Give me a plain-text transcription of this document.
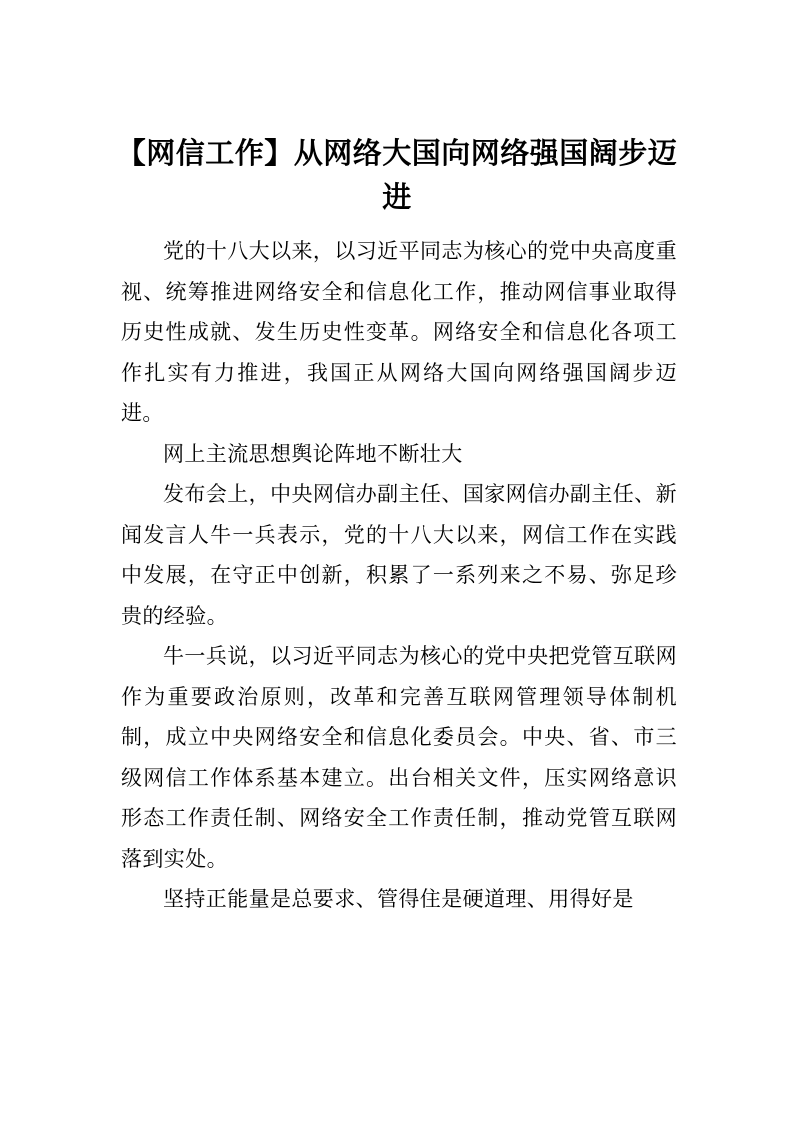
【网信工作】从网络大国向网络强国阔步迈进

党的十八大以来，以习近平同志为核心的党中央高度重视、统筹推进网络安全和信息化工作，推动网信事业取得历史性成就、发生历史性变革。网络安全和信息化各项工作扎实有力推进，我国正从网络大国向网络强国阔步迈进。

网上主流思想舆论阵地不断壮大

发布会上，中央网信办副主任、国家网信办副主任、新闻发言人牛一兵表示，党的十八大以来，网信工作在实践中发展，在守正中创新，积累了一系列来之不易、弥足珍贵的经验。

牛一兵说，以习近平同志为核心的党中央把党管互联网作为重要政治原则，改革和完善互联网管理领导体制机制，成立中央网络安全和信息化委员会。中央、省、市三级网信工作体系基本建立。出台相关文件，压实网络意识形态工作责任制、网络安全工作责任制，推动党管互联网落到实处。

坚持正能量是总要求、管得住是硬道理、用得好是
